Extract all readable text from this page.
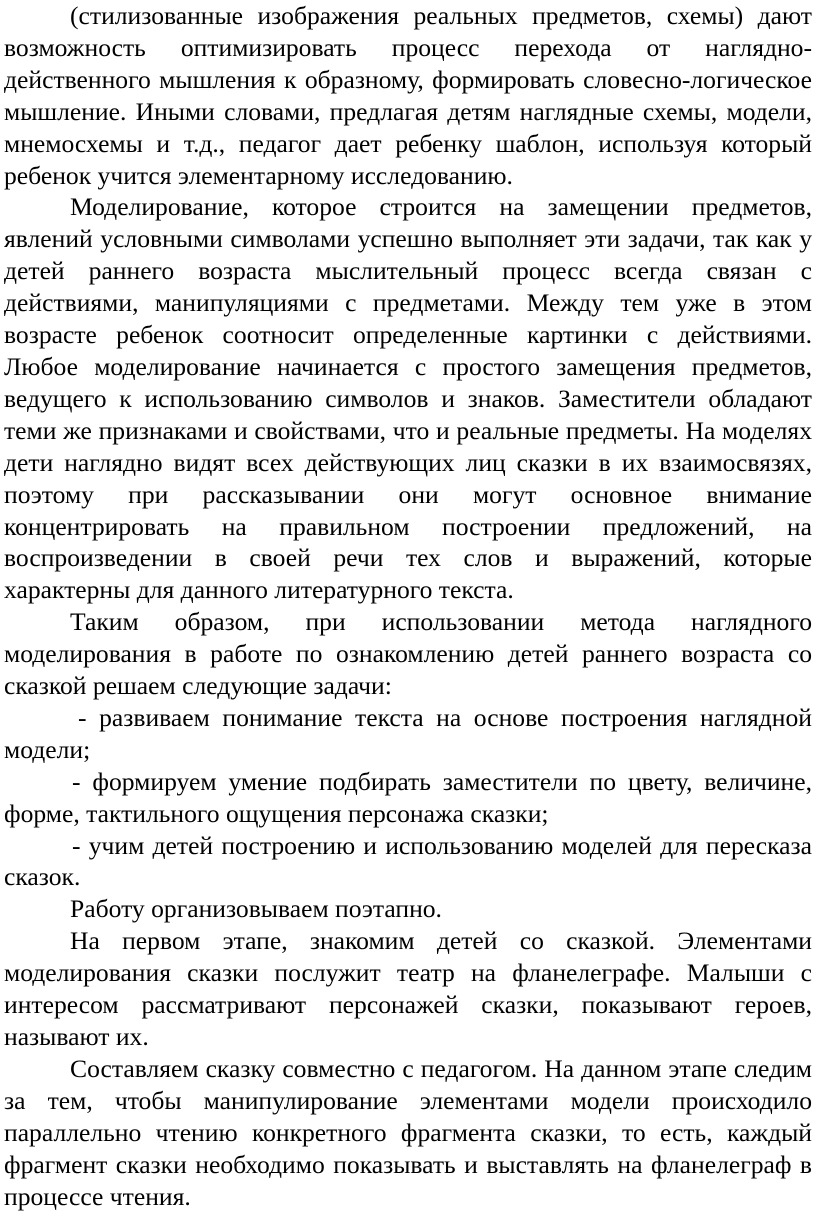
(стилизованные изображения реальных предметов, схемы) дают возможность оптимизировать процесс перехода от наглядно-действенного мышления к образному, формировать словесно-логическое мышление. Иными словами, предлагая детям наглядные схемы, модели, мнемосхемы и т.д., педагог дает ребенку шаблон, используя который ребенок учится элементарному исследованию.

Моделирование, которое строится на замещении предметов, явлений условными символами успешно выполняет эти задачи, так как у детей раннего возраста мыслительный процесс всегда связан с действиями, манипуляциями с предметами. Между тем уже в этом возрасте ребенок соотносит определенные картинки с действиями. Любое моделирование начинается с простого замещения предметов, ведущего к использованию символов и знаков. Заместители обладают теми же признаками и свойствами, что и реальные предметы. На моделях дети наглядно видят всех действующих лиц сказки в их взаимосвязях, поэтому при рассказывании они могут основное внимание концентрировать на правильном построении предложений, на воспроизведении в своей речи тех слов и выражений, которые характерны для данного литературного текста.

Таким образом, при использовании метода наглядного моделирования в работе по ознакомлению детей раннего возраста со сказкой решаем следующие задачи:

- развиваем понимание текста на основе построения наглядной модели;

- формируем умение подбирать заместители по цвету, величине, форме, тактильного ощущения персонажа сказки;

- учим детей построению и использованию моделей для пересказа сказок.

Работу организовываем поэтапно.

На первом этапе, знакомим детей со сказкой. Элементами моделирования сказки послужит театр на фланелеграфе. Малыши с интересом рассматривают персонажей сказки, показывают героев, называют их.

Составляем сказку совместно с педагогом. На данном этапе следим за тем, чтобы манипулирование элементами модели происходило параллельно чтению конкретного фрагмента сказки, то есть, каждый фрагмент сказки необходимо показывать и выставлять на фланелеграф в процессе чтения.
